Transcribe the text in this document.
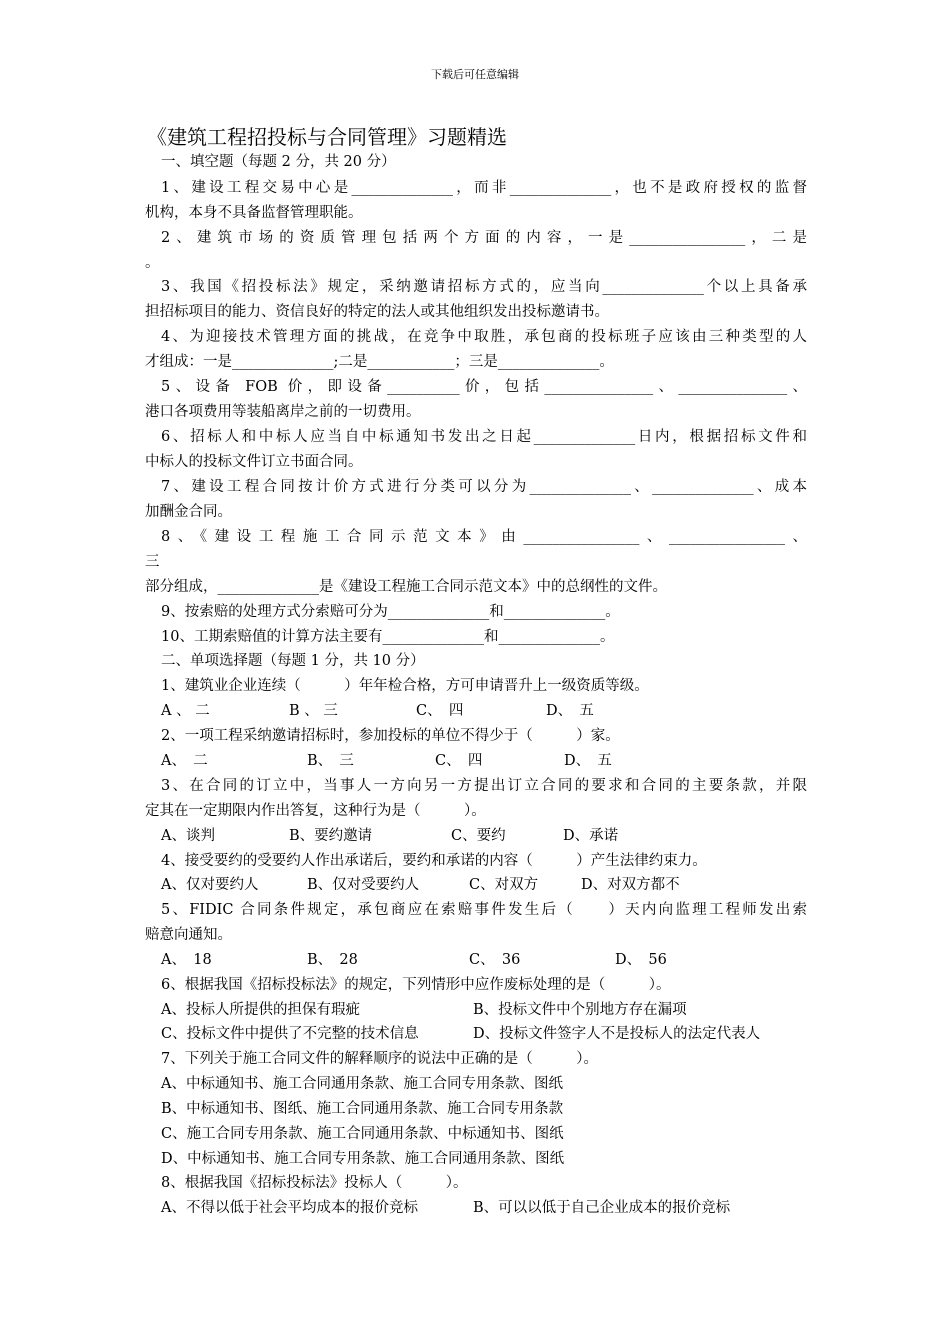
下载后可任意编辑
《建筑工程招投标与合同管理》习题精选
一、填空题（每题 2 分，共 20 分）
1、建设工程交易中心是______________，而非______________，也不是政府授权的监督
机构，本身不具备监督管理职能。
2、建筑市场的资质管理包括两个方面的内容，一是________________，二是
。
3、我国《招投标法》规定，采纳邀请招标方式的，应当向______________个以上具备承
担招标项目的能力、资信良好的特定的法人或其他组织发出投标邀请书。
4、为迎接技术管理方面的挑战，在竞争中取胜，承包商的投标班子应该由三种类型的人
才组成：一是______________;二是____________；三是______________。
5、设备 FOB 价，即设备__________价，包括_______________、_______________、
港口各项费用等装船离岸之前的一切费用。
6、招标人和中标人应当自中标通知书发出之日起______________日内，根据招标文件和
中标人的投标文件订立书面合同。
7、建设工程合同按计价方式进行分类可以分为______________、______________、成本
加酬金合同。
8、《建设工程施工合同示范文本》由________________、________________、
三
部分组成，______________是《建设工程施工合同示范文本》中的总纲性的文件。
9、按索赔的处理方式分索赔可分为______________和______________。
10、工期索赔值的计算方法主要有______________和______________。
二、单项选择题（每题 1 分，共 10 分）
1、建筑业企业连续（　　　）年年检合格，方可申请晋升上一级资质等级。
A 、 二	B 、 三	C、　四	D、　五
2、一项工程采纳邀请招标时，参加投标的单位不得少于（　　　）家。
A、　二	B、　三	C、　四	D、　五
3、在合同的订立中，当事人一方向另一方提出订立合同的要求和合同的主要条款，并限
定其在一定期限内作出答复，这种行为是（　　　）。
A、谈判	B、要约邀请	C、要约	D、承诺
4、接受要约的受要约人作出承诺后，要约和承诺的内容（　　　）产生法律约束力。
A、仅对要约人	B、仅对受要约人	C、对双方	D、对双方都不
5、FIDIC 合同条件规定，承包商应在索赔事件发生后（　　）天内向监理工程师发出索
赔意向通知。
A、　18	B、　28	C、　36	D、　56
6、根据我国《招标投标法》的规定，下列情形中应作废标处理的是（　　　）。
A、投标人所提供的担保有瑕疵	B、投标文件中个别地方存在漏项
C、投标文件中提供了不完整的技术信息	D、投标文件签字人不是投标人的法定代表人
7、下列关于施工合同文件的解释顺序的说法中正确的是（　　　）。
A、中标通知书、施工合同通用条款、施工合同专用条款、图纸
B、中标通知书、图纸、施工合同通用条款、施工合同专用条款
C、施工合同专用条款、施工合同通用条款、中标通知书、图纸
D、中标通知书、施工合同专用条款、施工合同通用条款、图纸
8、根据我国《招标投标法》投标人（　　　）。
A、不得以低于社会平均成本的报价竞标	B、可以以低于自己企业成本的报价竞标
